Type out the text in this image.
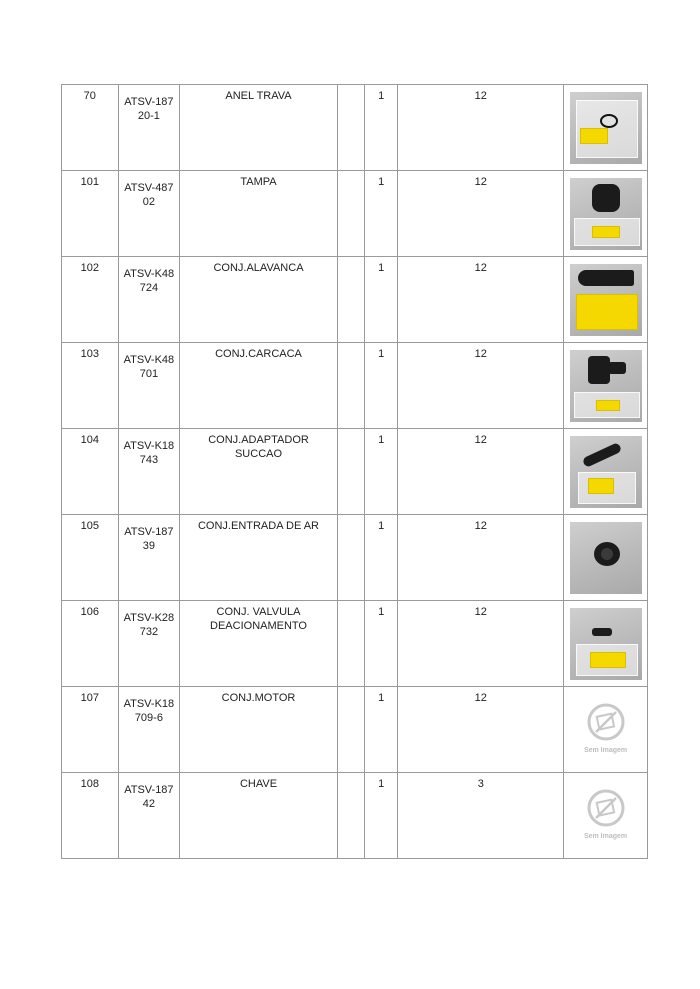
70	ATSV-18720-1	ANEL TRAVA		1	12	

101	ATSV-48702	TAMPA		1	12	

102	ATSV-K48724	CONJ.ALAVANCA		1	12	

103	ATSV-K48701	CONJ.CARCACA		1	12	

104	ATSV-K18743	CONJ.ADAPTADOR SUCCAO		1	12	

105	ATSV-18739	CONJ.ENTRADA DE AR		1	12	

106	ATSV-K28732	CONJ. VALVULA DEACIONAMENTO		1	12	

107	ATSV-K18709-6	CONJ.MOTOR		1	12	Sem Imagem

108	ATSV-18742	CHAVE		1	3	Sem Imagem
